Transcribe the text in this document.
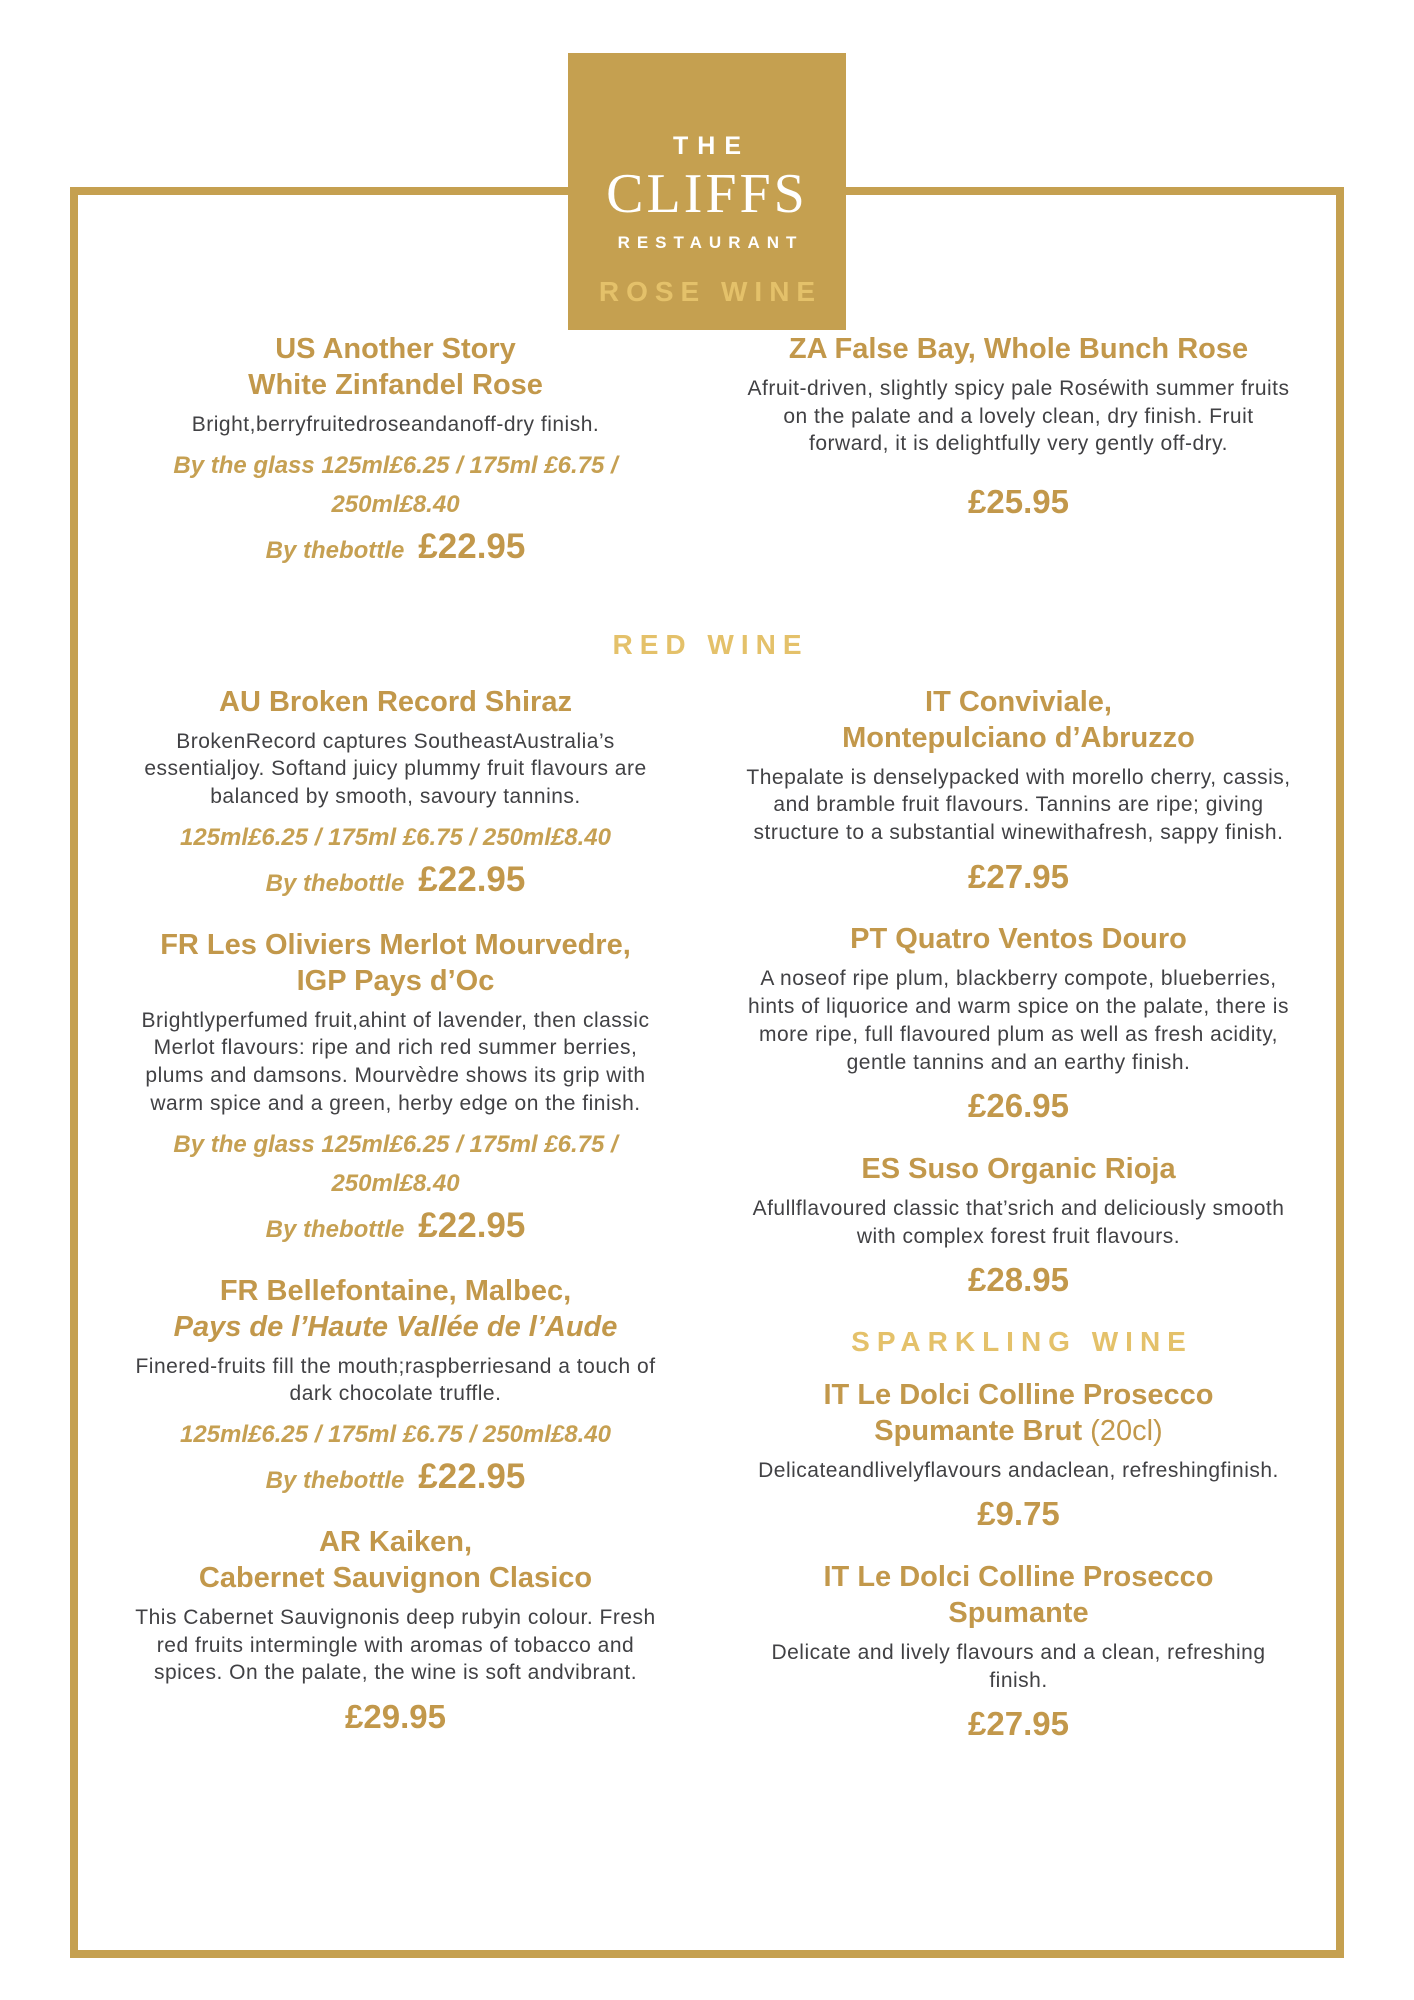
THE
CLIFFS
RESTAURANT
ROSE WINE
US Another Story
White Zinfandel Rose
Bright,berryfruitedroseandanoff-dry finish.
By the glass 125ml£6.25 / 175ml £6.75 /
250ml£8.40
By thebottle £22.95
ZA False Bay, Whole Bunch Rose
Afruit-driven, slightly spicy pale Roséwith summer fruits on the palate and a lovely clean, dry finish. Fruit forward, it is delightfully very gently off-dry.
£25.95
RED WINE
AU Broken Record Shiraz
BrokenRecord captures SoutheastAustralia’s essentialjoy. Softand juicy plummy fruit flavours are balanced by smooth, savoury tannins.
125ml£6.25 / 175ml £6.75 / 250ml£8.40
By thebottle £22.95
FR Les Oliviers Merlot Mourvedre,
IGP Pays d’Oc
Brightlyperfumed fruit,ahint of lavender, then classic Merlot flavours: ripe and rich red summer berries, plums and damsons. Mourvèdre shows its grip with warm spice and a green, herby edge on the finish.
By the glass 125ml£6.25 / 175ml £6.75 /
250ml£8.40
By thebottle £22.95
FR Bellefontaine, Malbec,
Pays de l’Haute Vallée de l’Aude
Finered-fruits fill the mouth;raspberriesand a touch of dark chocolate truffle.
125ml£6.25 / 175ml £6.75 / 250ml£8.40
By thebottle £22.95
AR Kaiken,
Cabernet Sauvignon Clasico
This Cabernet Sauvignonis deep rubyin colour. Fresh red fruits intermingle with aromas of tobacco and spices. On the palate, the wine is soft andvibrant.
£29.95
IT Conviviale,
Montepulciano d’Abruzzo
Thepalate is denselypacked with morello cherry, cassis, and bramble fruit flavours. Tannins are ripe; giving structure to a substantial winewithafresh, sappy finish.
£27.95
PT Quatro Ventos Douro
A noseof ripe plum, blackberry compote, blueberries, hints of liquorice and warm spice on the palate, there is more ripe, full flavoured plum as well as fresh acidity, gentle tannins and an earthy finish.
£26.95
ES Suso Organic Rioja
Afullflavoured classic that’srich and deliciously smooth with complex forest fruit flavours.
£28.95
SPARKLING WINE
IT Le Dolci Colline Prosecco
Spumante Brut (20cl)
Delicateandlivelyflavours andaclean, refreshingfinish.
£9.75
IT Le Dolci Colline Prosecco
Spumante
Delicate and lively flavours and a clean, refreshing finish.
£27.95
